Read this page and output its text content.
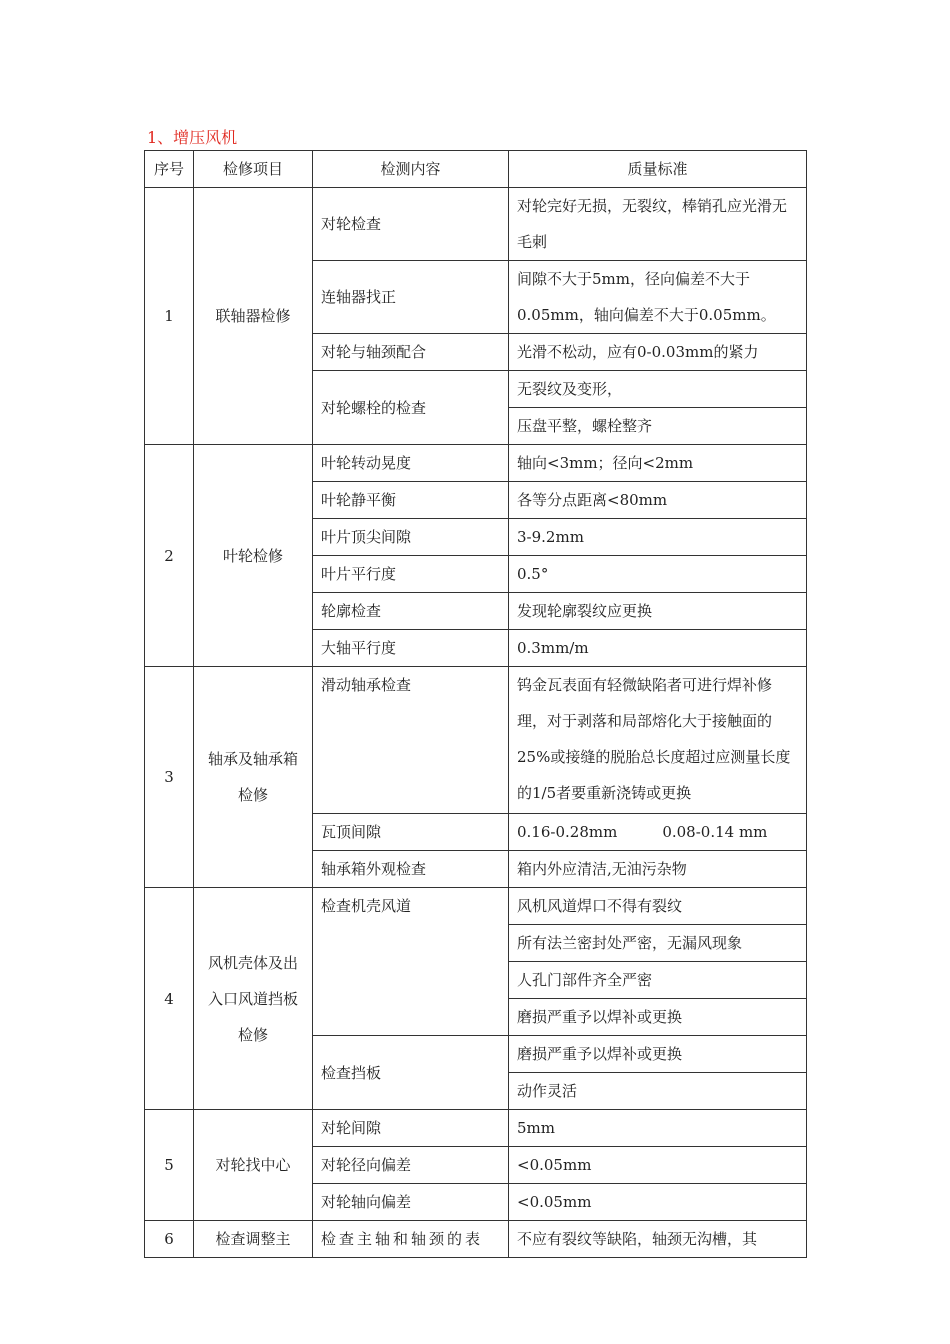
1、增压风机
序号	检修项目	检测内容	质量标准
1	联轴器检修	对轮检查	对轮完好无损，无裂纹，棒销孔应光滑无毛刺
		连轴器找正	间隙不大于5mm，径向偏差不大于0.05mm，轴向偏差不大于0.05mm。
		对轮与轴颈配合	光滑不松动，应有0-0.03mm的紧力
		对轮螺栓的检查	无裂纹及变形，
			压盘平整，螺栓整齐
2	叶轮检修	叶轮转动晃度	轴向<3mm；径向<2mm
		叶轮静平衡	各等分点距离<80mm
		叶片顶尖间隙	3-9.2mm
		叶片平行度	0.5°
		轮廓检查	发现轮廓裂纹应更换
		大轴平行度	0.3mm/m
3	轴承及轴承箱检修	滑动轴承检查	钨金瓦表面有轻微缺陷者可进行焊补修理，对于剥落和局部熔化大于接触面的25%或接缝的脱胎总长度超过应测量长度的1/5者要重新浇铸或更换
		瓦顶间隙	0.16-0.28mm　　　0.08-0.14 mm
		轴承箱外观检查	箱内外应清洁,无油污杂物
4	风机壳体及出入口风道挡板检修	检查机壳风道	风机风道焊口不得有裂纹
			所有法兰密封处严密，无漏风现象
			人孔门部件齐全严密
			磨损严重予以焊补或更换
		检查挡板	磨损严重予以焊补或更换
			动作灵活
5	对轮找中心	对轮间隙	5mm
		对轮径向偏差	<0.05mm
		对轮轴向偏差	<0.05mm
6	检查调整主	检查主轴和轴颈的表	不应有裂纹等缺陷，轴颈无沟槽，其
